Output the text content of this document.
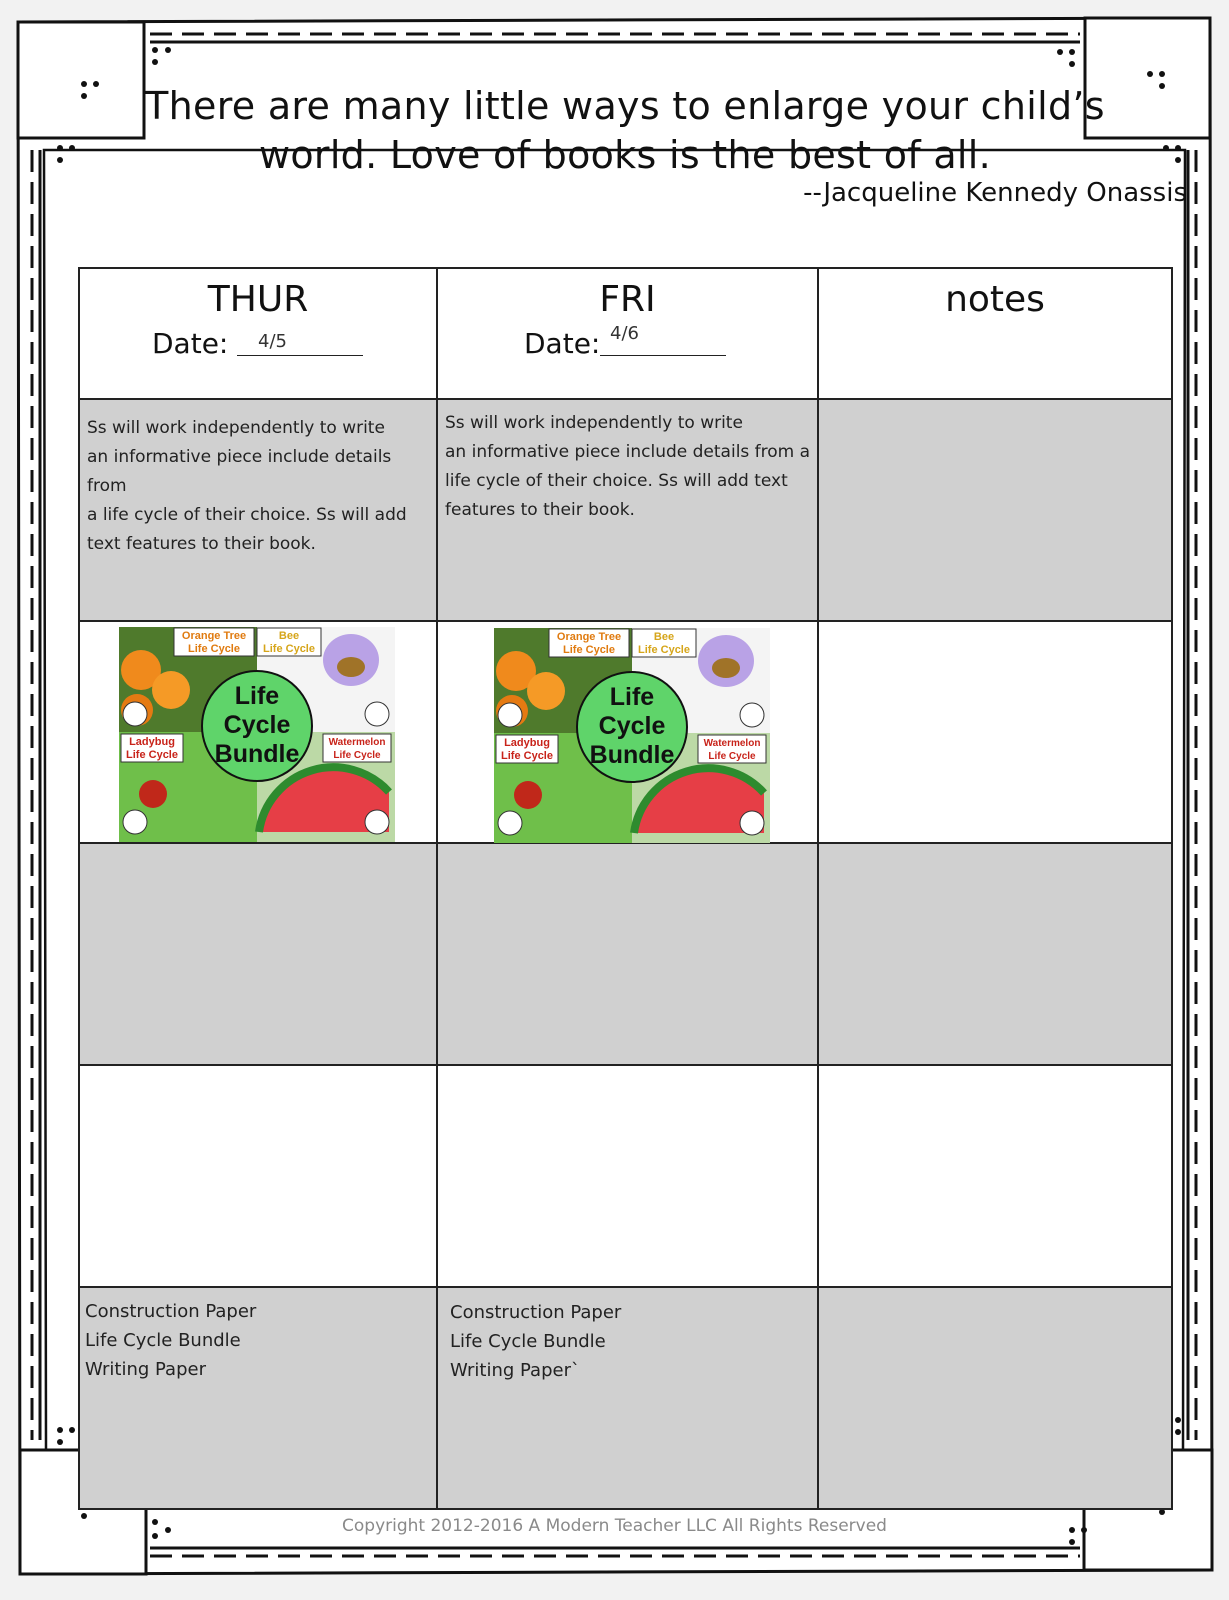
There are many little ways to enlarge your child’s
world. Love of books is the best of all.
--Jacqueline Kennedy Onassis
THUR
Date: 4/5
FRI
Date: 4/6
notes
Ss will work independently to write
an informative piece include details from
a life cycle of their choice. Ss will add
text features to their book.
Ss will work independently to write
an informative piece include details from a
life cycle of their choice. Ss will add text
features to their book.
Life
Cycle
Bundle
Orange Tree
Life Cycle
Bee
Life Cycle
Ladybug
Life Cycle
Watermelon
Life Cycle
Life
Cycle
Bundle
Orange Tree
Life Cycle
Bee
Life Cycle
Ladybug
Life Cycle
Watermelon
Life Cycle
Construction Paper
Life Cycle Bundle
Writing Paper
Construction Paper
Life Cycle Bundle
Writing Paper`
Copyright 2012-2016 A Modern Teacher LLC All Rights Reserved
